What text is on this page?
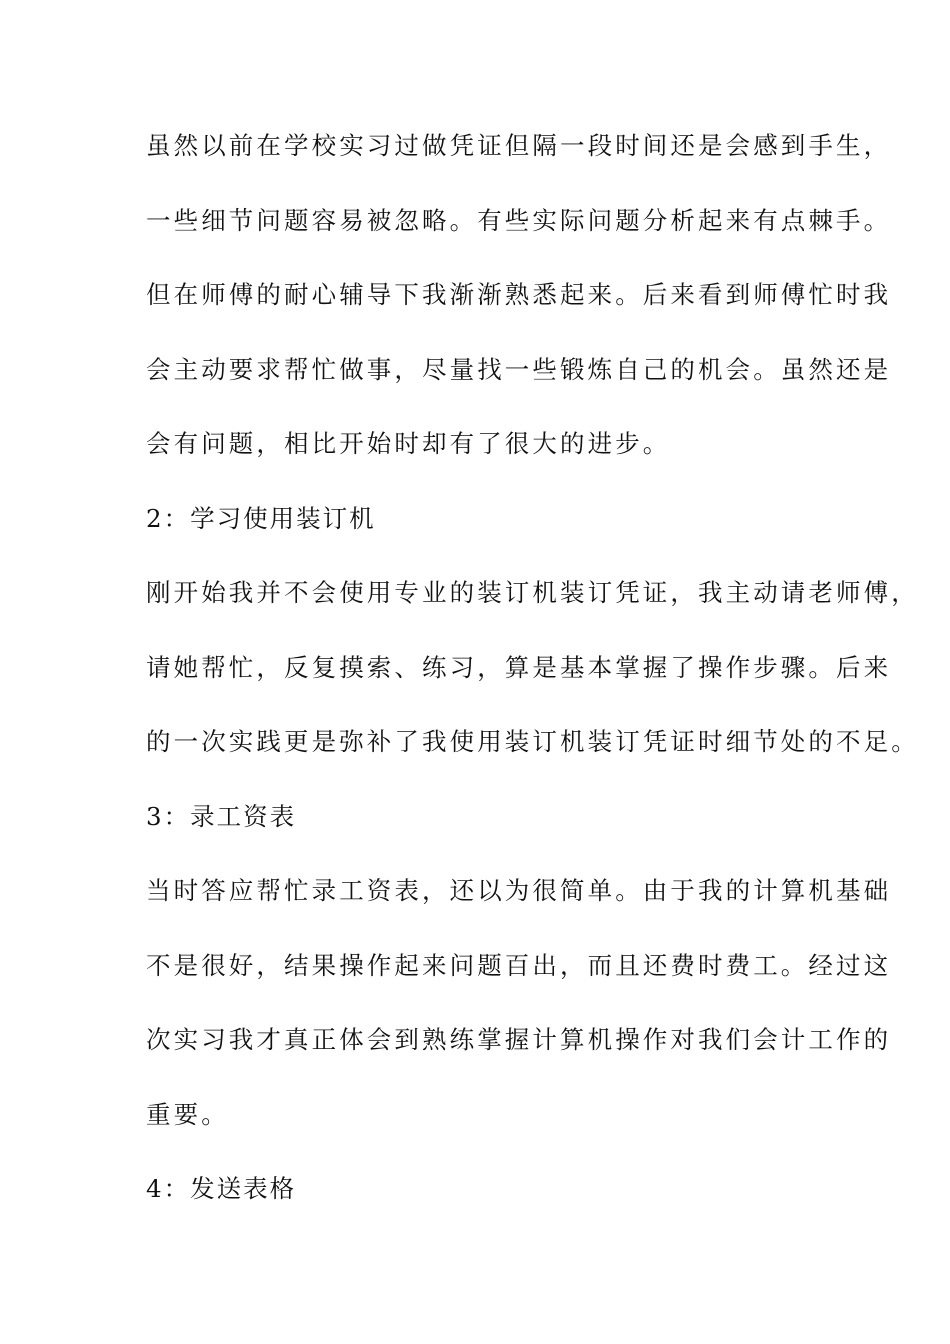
虽然以前在学校实习过做凭证但隔一段时间还是会感到手生，
一些细节问题容易被忽略。有些实际问题分析起来有点棘手。
但在师傅的耐心辅导下我渐渐熟悉起来。后来看到师傅忙时我
会主动要求帮忙做事，尽量找一些锻炼自己的机会。虽然还是
会有问题，相比开始时却有了很大的进步。
2：学习使用装订机
刚开始我并不会使用专业的装订机装订凭证，我主动请老师傅，
请她帮忙，反复摸索、练习，算是基本掌握了操作步骤。后来
的一次实践更是弥补了我使用装订机装订凭证时细节处的不足。
3：录工资表
当时答应帮忙录工资表，还以为很简单。由于我的计算机基础
不是很好，结果操作起来问题百出，而且还费时费工。经过这
次实习我才真正体会到熟练掌握计算机操作对我们会计工作的
重要。
4：发送表格
